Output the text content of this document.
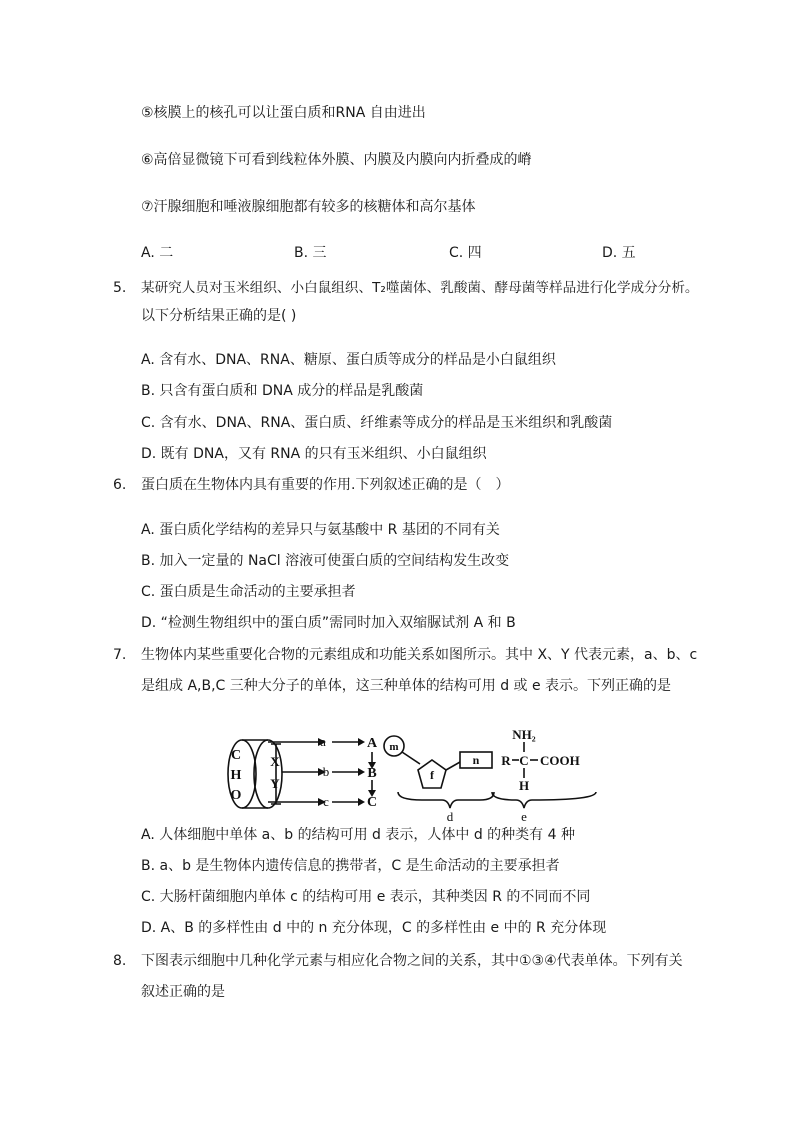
⑤核膜上的核孔可以让蛋白质和RNA 自由进出
⑥高倍显微镜下可看到线粒体外膜、内膜及内膜向内折叠成的嵴
⑦汗腺细胞和唾液腺细胞都有较多的核糖体和高尔基体
A. 二	B. 三	C. 四	D. 五
5.	某研究人员对玉米组织、小白鼠组织、T₂噬菌体、乳酸菌、酵母菌等样品进行化学成分分析。
以下分析结果正确的是( )
A. 含有水、DNA、RNA、糖原、蛋白质等成分的样品是小白鼠组织
B. 只含有蛋白质和 DNA 成分的样品是乳酸菌
C. 含有水、DNA、RNA、蛋白质、纤维素等成分的样品是玉米组织和乳酸菌
D. 既有 DNA，又有 RNA 的只有玉米组织、小白鼠组织
6.	蛋白质在生物体内具有重要的作用.下列叙述正确的是（　）
A. 蛋白质化学结构的差异只与氨基酸中 R 基团的不同有关
B. 加入一定量的 NaCl 溶液可使蛋白质的空间结构发生改变
C. 蛋白质是生命活动的主要承担者
D. “检测生物组织中的蛋白质”需同时加入双缩脲试剂 A 和 B
7.	生物体内某些重要化合物的元素组成和功能关系如图所示。其中 X、Y 代表元素，a、b、c
是组成 A,B,C 三种大分子的单体，这三种单体的结构可用 d 或 e 表示。下列正确的是
C
H
O
X
Y
a
b
c
A
B
C
m
f
n
d
NH₂
R C COOH
H
e
A. 人体细胞中单体 a、b 的结构可用 d 表示，人体中 d 的种类有 4 种
B. a、b 是生物体内遗传信息的携带者，C 是生命活动的主要承担者
C. 大肠杆菌细胞内单体 c 的结构可用 e 表示，其种类因 R 的不同而不同
D. A、B 的多样性由 d 中的 n 充分体现，C 的多样性由 e 中的 R 充分体现
8.	下图表示细胞中几种化学元素与相应化合物之间的关系，其中①③④代表单体。下列有关
叙述正确的是
